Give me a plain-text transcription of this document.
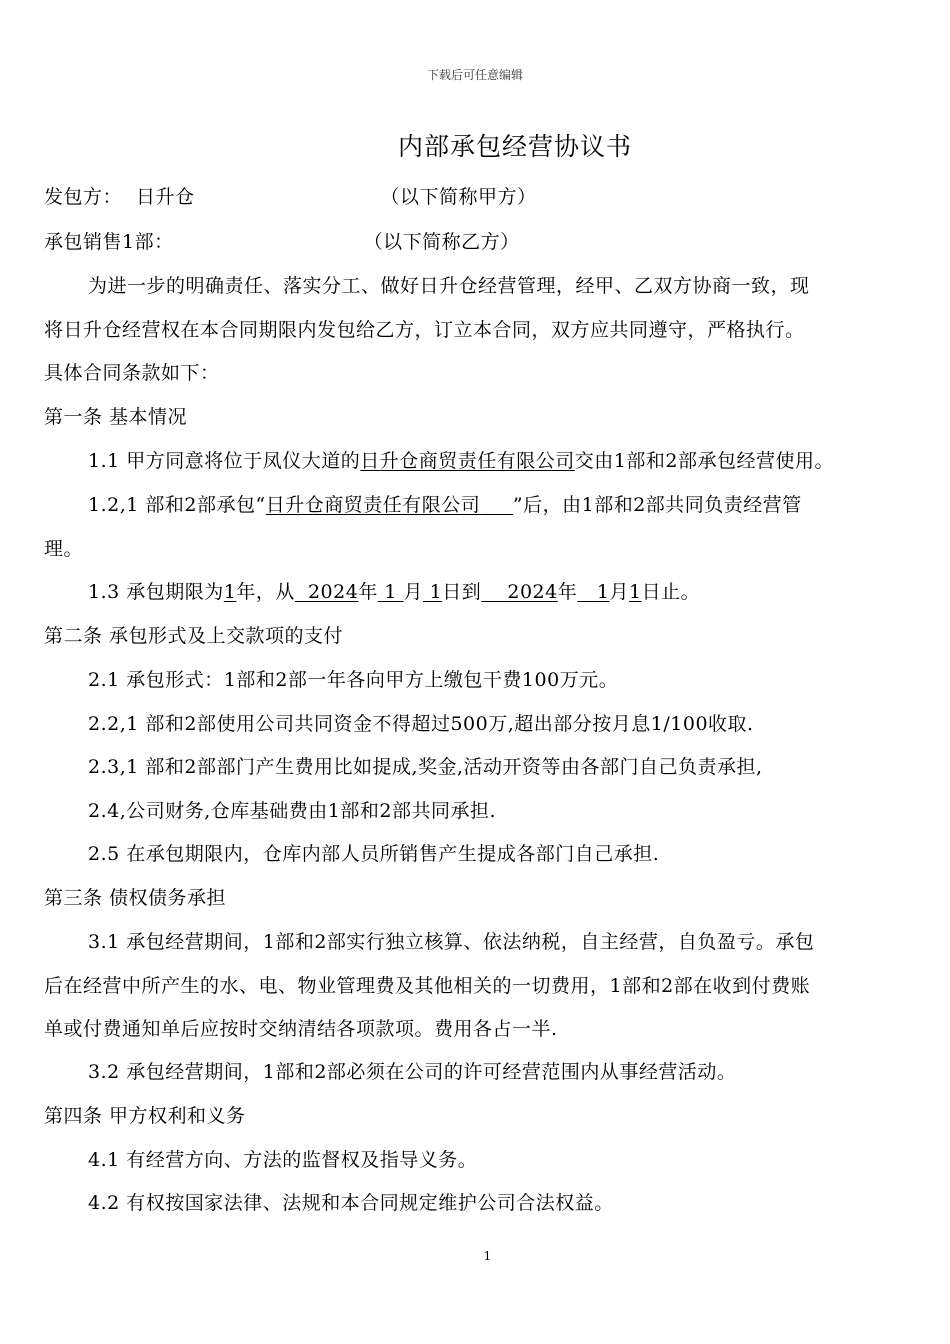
下载后可任意编辑
内部承包经营协议书
发包方： 日升仓	（以下简称甲方）
承包销售1部：	（以下简称乙方）
为进一步的明确责任、落实分工、做好日升仓经营管理，经甲、乙双方协商一致，现
将日升仓经营权在本合同期限内发包给乙方，订立本合同，双方应共同遵守，严格执行。
具体合同条款如下：
第一条 基本情况
1.1 甲方同意将位于凤仪大道的日升仓商贸责任有限公司交由1部和2部承包经营使用。
1.2,1 部和2部承包“日升仓商贸责任有限公司 ”后，由1部和2部共同负责经营管
理。
1.3 承包期限为1年，从 2024年 1 月 1日到 2024年 1月1日止。
第二条 承包形式及上交款项的支付
2.1 承包形式：1部和2部一年各向甲方上缴包干费100万元。
2.2,1 部和2部使用公司共同资金不得超过500万,超出部分按月息1/100收取.
2.3,1 部和2部部门产生费用比如提成,奖金,活动开资等由各部门自己负责承担,
2.4,公司财务,仓库基础费由1部和2部共同承担.
2.5 在承包期限内，仓库内部人员所销售产生提成各部门自己承担.
第三条 债权债务承担
3.1 承包经营期间，1部和2部实行独立核算、依法纳税，自主经营，自负盈亏。承包
后在经营中所产生的水、电、物业管理费及其他相关的一切费用，1部和2部在收到付费账
单或付费通知单后应按时交纳清结各项款项。费用各占一半.
3.2 承包经营期间，1部和2部必须在公司的许可经营范围内从事经营活动。
第四条 甲方权利和义务
4.1 有经营方向、方法的监督权及指导义务。
4.2 有权按国家法律、法规和本合同规定维护公司合法权益。
1
